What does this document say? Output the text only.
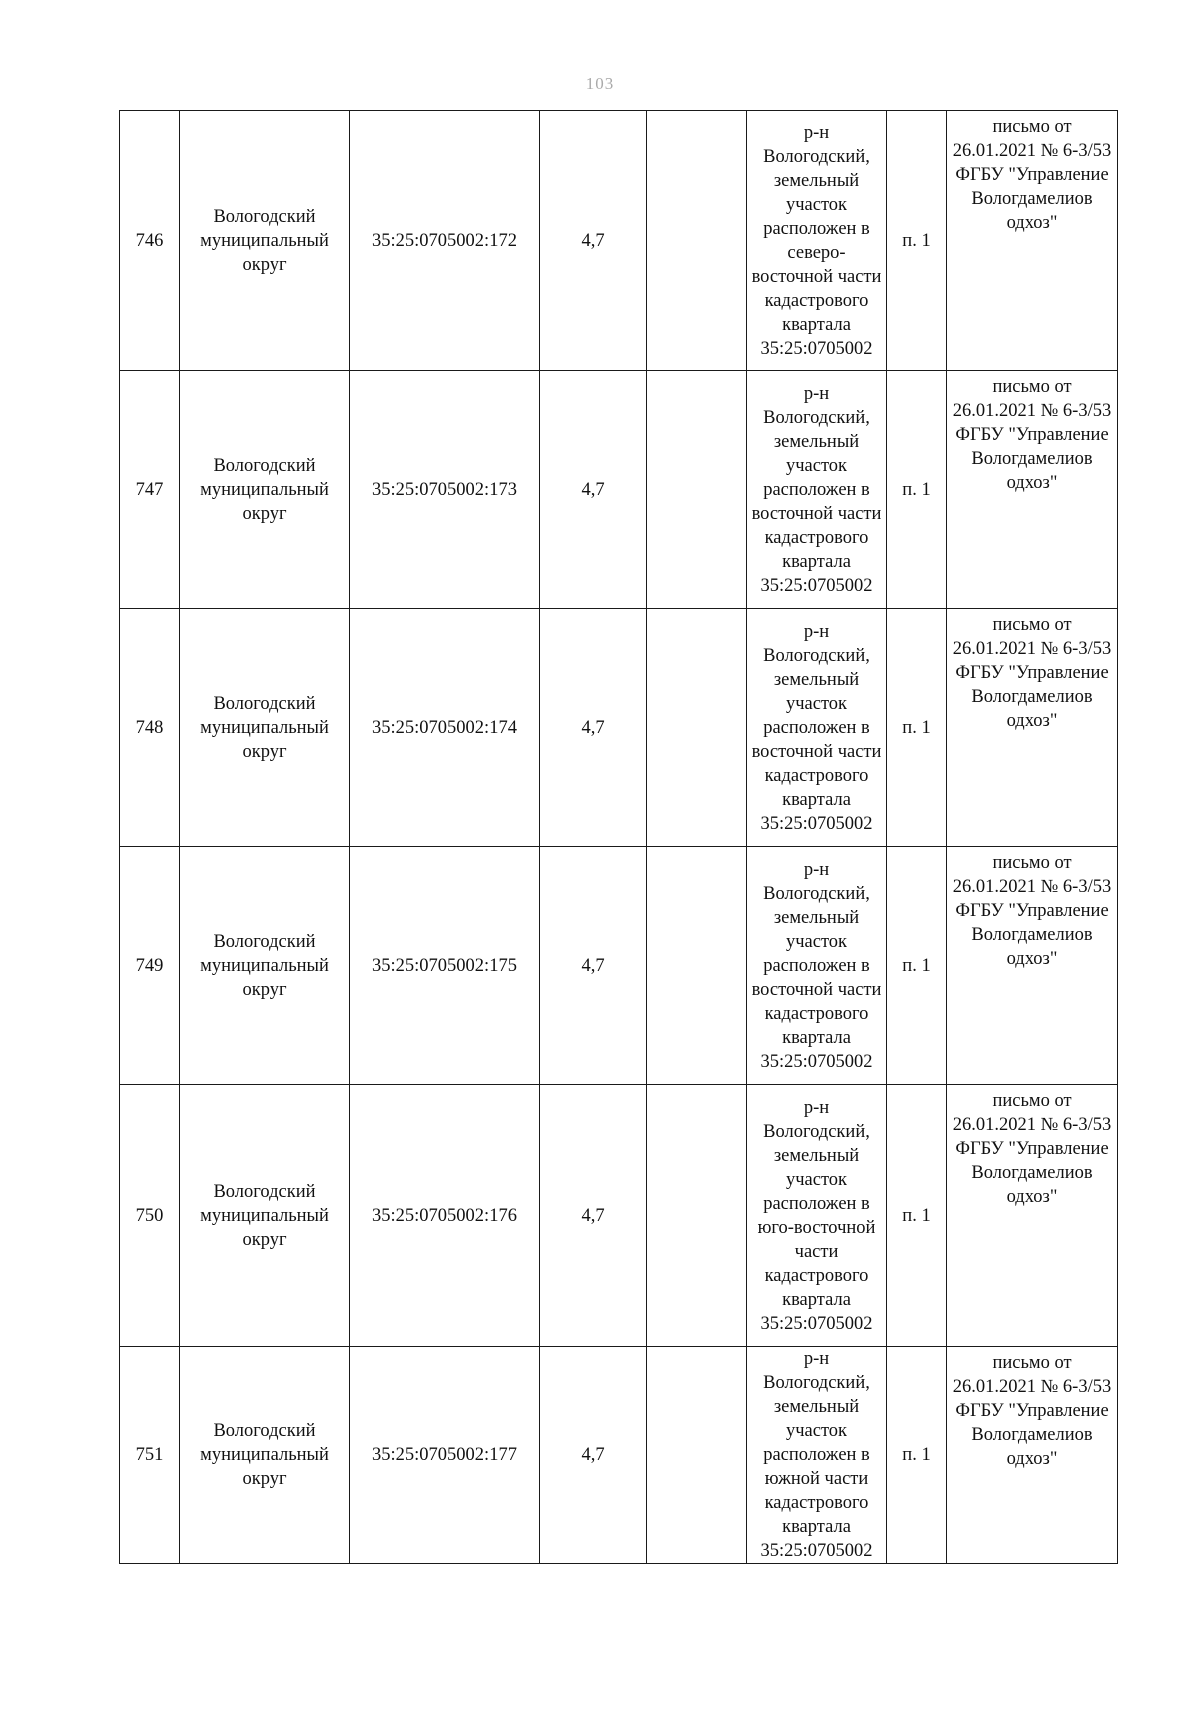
103
746	Вологодский муниципальный округ	35:25:0705002:172	4,7		р-н Вологодский, земельный участок расположен в северо-восточной части кадастрового квартала 35:25:0705002	п. 1	письмо от 26.01.2021 № 6-3/53 ФГБУ "Управление Вологдамелиов одхоз"
747	Вологодский муниципальный округ	35:25:0705002:173	4,7		р-н Вологодский, земельный участок расположен в восточной части кадастрового квартала 35:25:0705002	п. 1	письмо от 26.01.2021 № 6-3/53 ФГБУ "Управление Вологдамелиов одхоз"
748	Вологодский муниципальный округ	35:25:0705002:174	4,7		р-н Вологодский, земельный участок расположен в восточной части кадастрового квартала 35:25:0705002	п. 1	письмо от 26.01.2021 № 6-3/53 ФГБУ "Управление Вологдамелиов одхоз"
749	Вологодский муниципальный округ	35:25:0705002:175	4,7		р-н Вологодский, земельный участок расположен в восточной части кадастрового квартала 35:25:0705002	п. 1	письмо от 26.01.2021 № 6-3/53 ФГБУ "Управление Вологдамелиов одхоз"
750	Вологодский муниципальный округ	35:25:0705002:176	4,7		р-н Вологодский, земельный участок расположен в юго-восточной части кадастрового квартала 35:25:0705002	п. 1	письмо от 26.01.2021 № 6-3/53 ФГБУ "Управление Вологдамелиов одхоз"
751	Вологодский муниципальный округ	35:25:0705002:177	4,7		р-н Вологодский, земельный участок расположен в южной части кадастрового квартала 35:25:0705002	п. 1	письмо от 26.01.2021 № 6-3/53 ФГБУ "Управление Вологдамелиов одхоз"
